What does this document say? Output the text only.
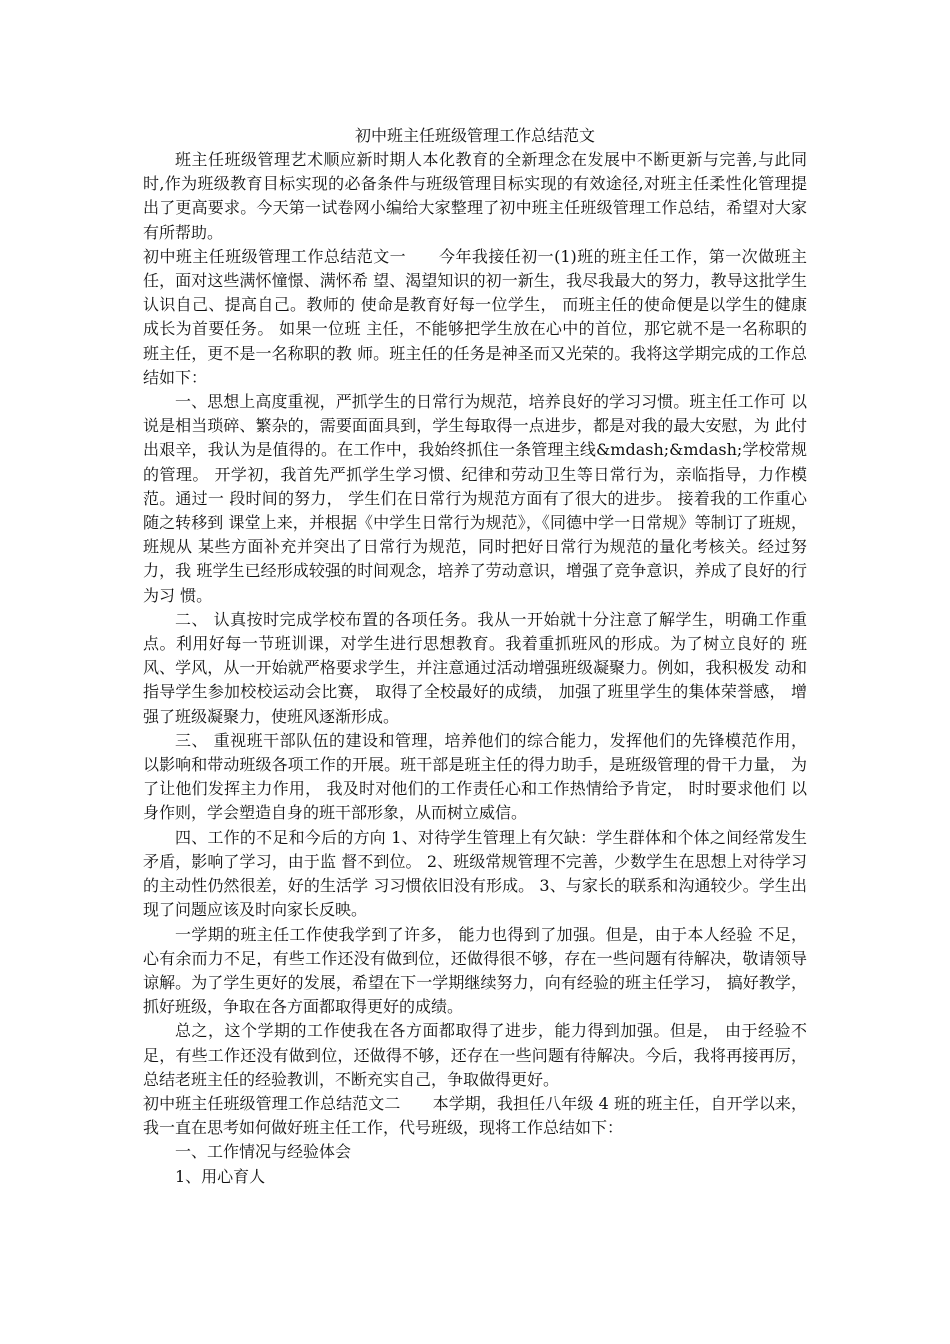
初中班主任班级管理工作总结范文

班主任班级管理艺术顺应新时期人本化教育的全新理念在发展中不断更新与完善,与此同时,作为班级教育目标实现的必备条件与班级管理目标实现的有效途径,对班主任柔性化管理提出了更高要求。今天第一试卷网小编给大家整理了初中班主任班级管理工作总结，希望对大家有所帮助。

初中班主任班级管理工作总结范文一　　今年我接任初一(1)班的班主任工作，第一次做班主任，面对这些满怀憧憬、满怀希 望、渴望知识的初一新生，我尽我最大的努力，教导这批学生认识自己、提高自己。教师的 使命是教育好每一位学生， 而班主任的使命便是以学生的健康成长为首要任务。 如果一位班 主任，不能够把学生放在心中的首位，那它就不是一名称职的班主任，更不是一名称职的教 师。班主任的任务是神圣而又光荣的。我将这学期完成的工作总结如下：

一、思想上高度重视，严抓学生的日常行为规范，培养良好的学习习惯。班主任工作可 以说是相当琐碎、繁杂的，需要面面具到，学生每取得一点进步，都是对我的最大安慰，为 此付出艰辛，我认为是值得的。在工作中，我始终抓住一条管理主线&mdash;&mdash;学校常规的管理。 开学初，我首先严抓学生学习惯、纪律和劳动卫生等日常行为，亲临指导，力作模范。通过一 段时间的努力， 学生们在日常行为规范方面有了很大的进步。 接着我的工作重心随之转移到 课堂上来，并根据《中学生日常行为规范》，《同德中学一日常规》等制订了班规，班规从 某些方面补充并突出了日常行为规范，同时把好日常行为规范的量化考核关。经过努力，我 班学生已经形成较强的时间观念，培养了劳动意识，增强了竞争意识，养成了良好的行为习 惯。

二、 认真按时完成学校布置的各项任务。我从一开始就十分注意了解学生，明确工作重点。利用好每一节班训课，对学生进行思想教育。我着重抓班风的形成。为了树立良好的 班风、学风，从一开始就严格要求学生，并注意通过活动增强班级凝聚力。例如，我积极发 动和指导学生参加校校运动会比赛， 取得了全校最好的成绩， 加强了班里学生的集体荣誉感， 增强了班级凝聚力，使班风逐渐形成。

三、 重视班干部队伍的建设和管理，培养他们的综合能力，发挥他们的先锋模范作用， 以影响和带动班级各项工作的开展。班干部是班主任的得力助手，是班级管理的骨干力量， 为了让他们发挥主力作用， 我及时对他们的工作责任心和工作热情给予肯定， 时时要求他们 以身作则，学会塑造自身的班干部形象，从而树立威信。

四、工作的不足和今后的方向 1、对待学生管理上有欠缺：学生群体和个体之间经常发生矛盾，影响了学习，由于监 督不到位。 2、班级常规管理不完善，少数学生在思想上对待学习的主动性仍然很差，好的生活学 习习惯依旧没有形成。 3、与家长的联系和沟通较少。学生出现了问题应该及时向家长反映。

一学期的班主任工作使我学到了许多， 能力也得到了加强。但是，由于本人经验 不足，心有余而力不足，有些工作还没有做到位，还做得很不够，存在一些问题有待解决，敬请领导谅解。为了学生更好的发展，希望在下一学期继续努力，向有经验的班主任学习， 搞好教学，抓好班级，争取在各方面都取得更好的成绩。

总之，这个学期的工作使我在各方面都取得了进步，能力得到加强。但是， 由于经验不足，有些工作还没有做到位，还做得不够，还存在一些问题有待解决。今后，我将再接再厉，总结老班主任的经验教训，不断充实自己，争取做得更好。

初中班主任班级管理工作总结范文二　　本学期，我担任八年级 4 班的班主任，自开学以来，我一直在思考如何做好班主任工作，代号班级，现将工作总结如下：

一、工作情况与经验体会

1、用心育人
